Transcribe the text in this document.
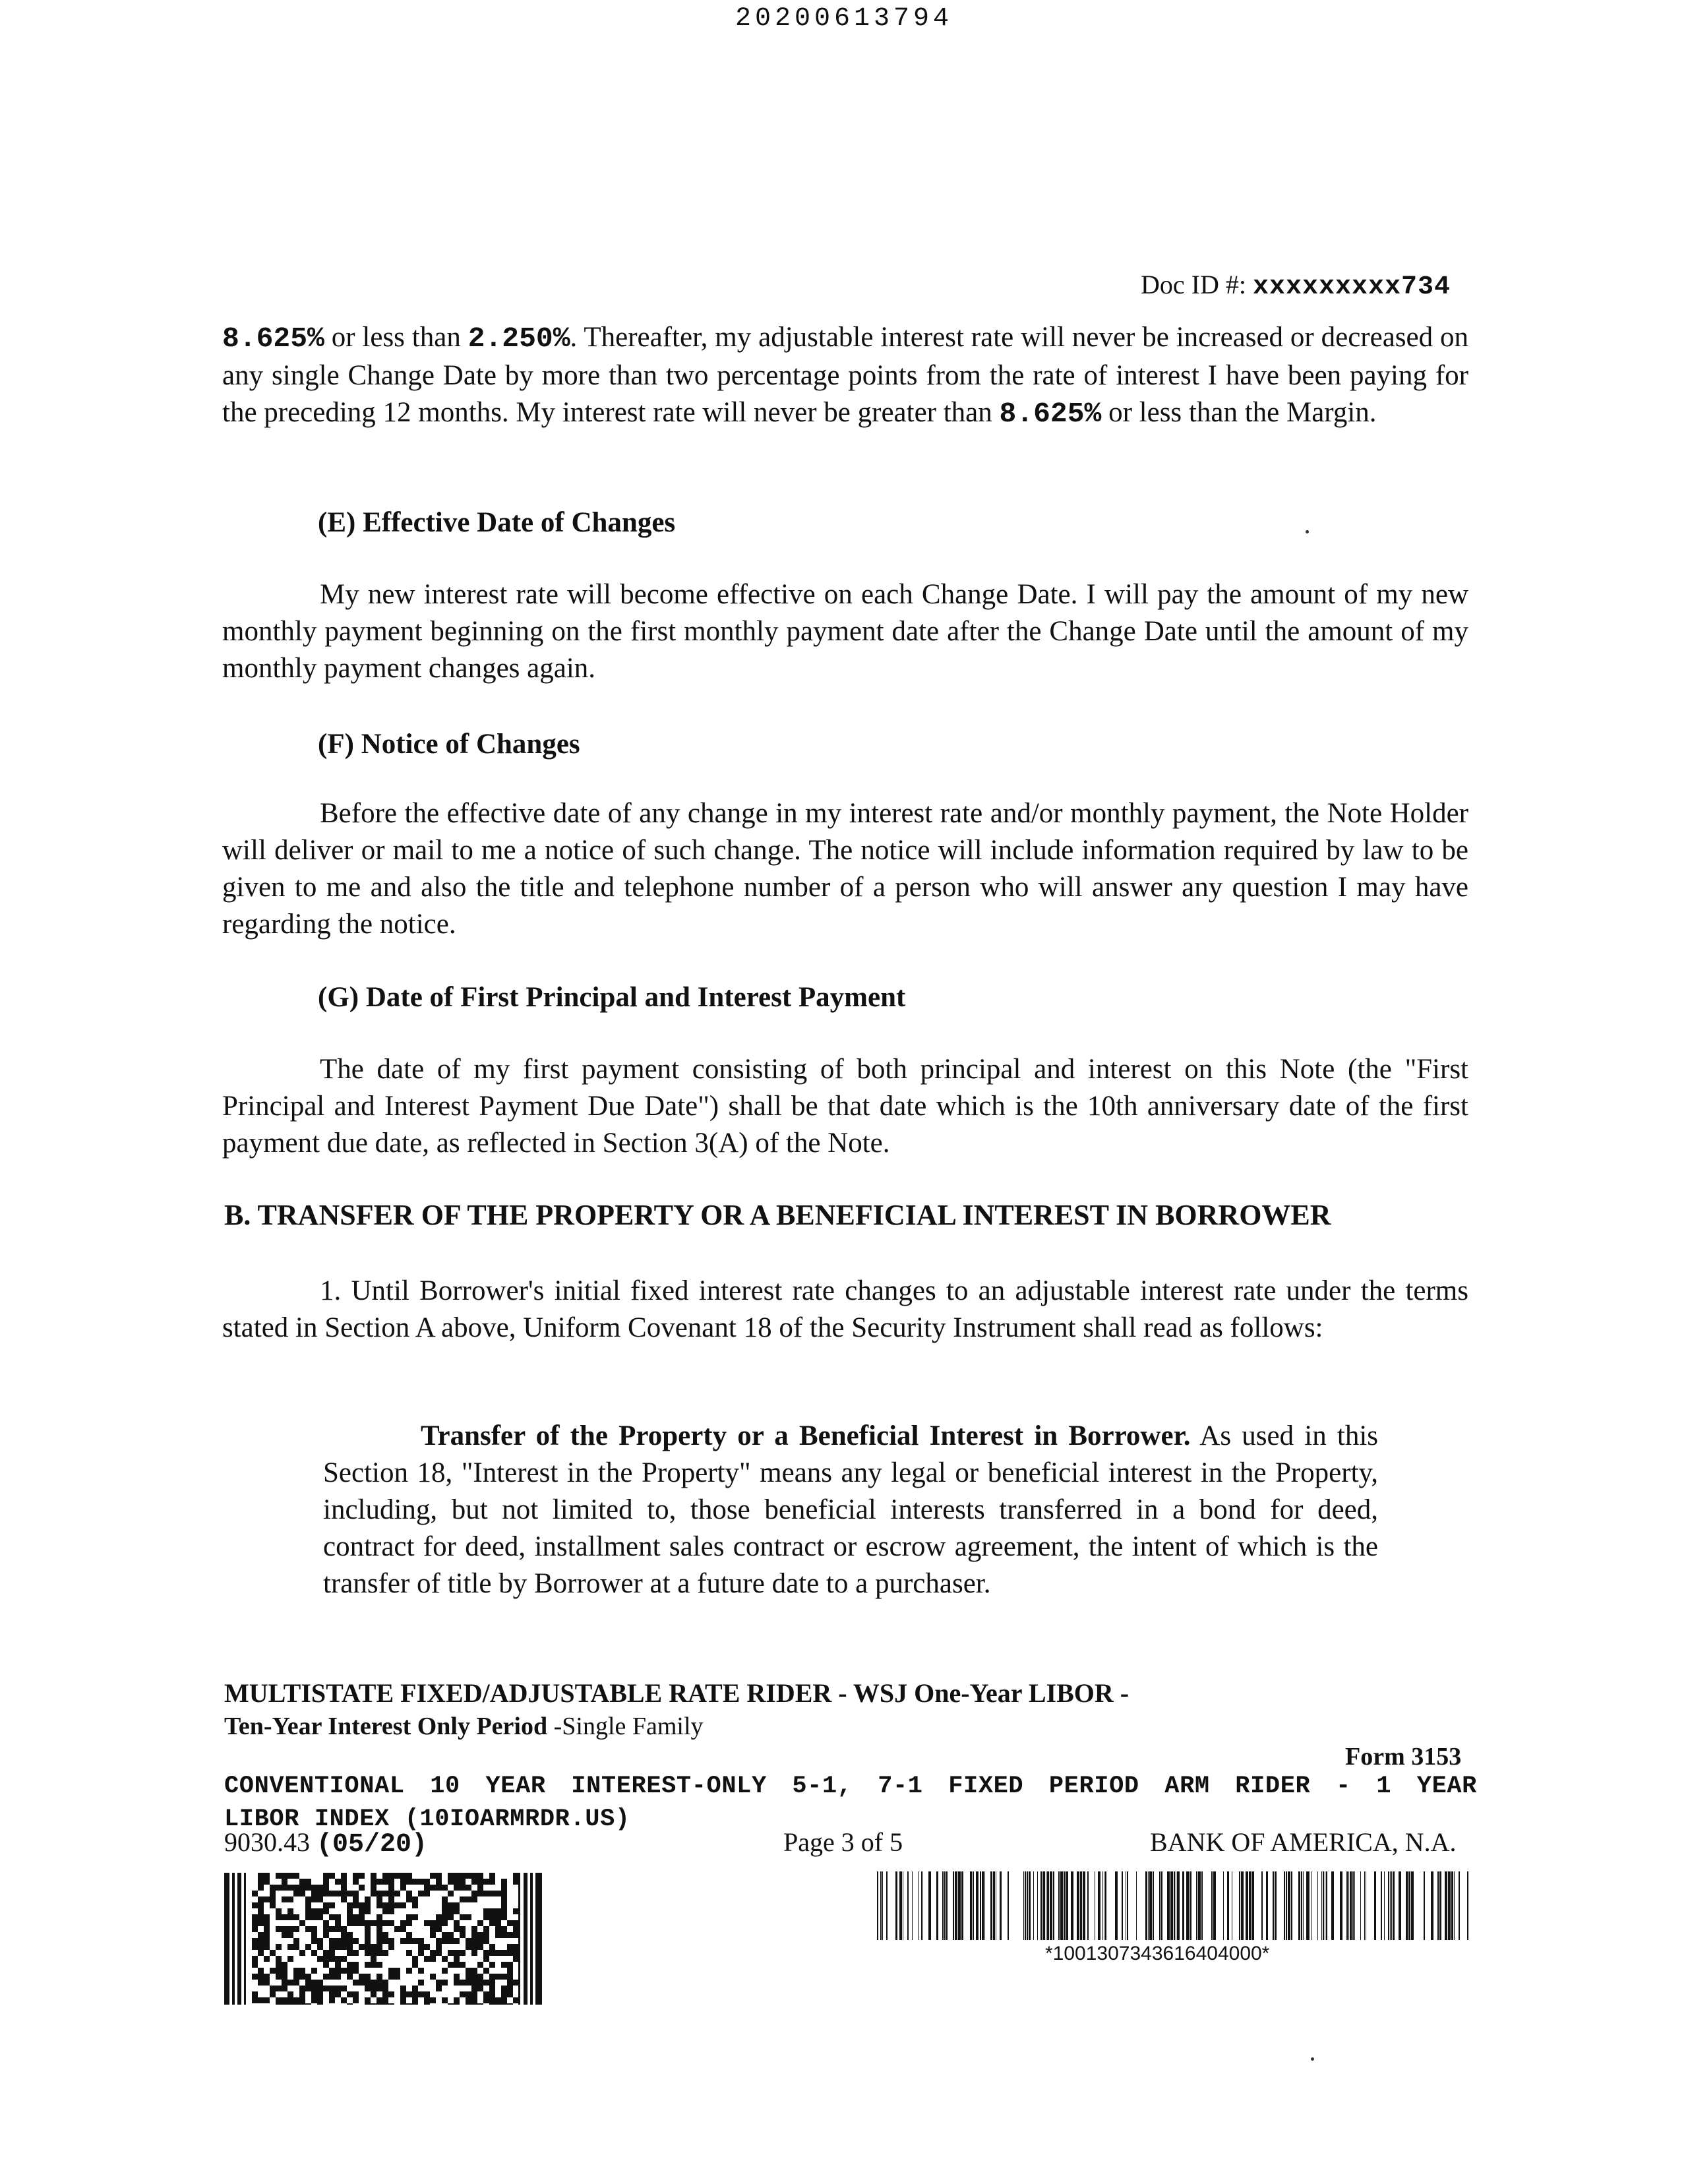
20200613794
Doc ID #: xxxxxxxxx734
8.625% or less than 2.250%. Thereafter, my adjustable interest rate will never be increased or decreased on any single Change Date by more than two percentage points from the rate of interest I have been paying for the preceding 12 months. My interest rate will never be greater than 8.625% or less than the Margin.
(E) Effective Date of Changes
My new interest rate will become effective on each Change Date. I will pay the amount of my new monthly payment beginning on the first monthly payment date after the Change Date until the amount of my monthly payment changes again.
(F) Notice of Changes
Before the effective date of any change in my interest rate and/or monthly payment, the Note Holder will deliver or mail to me a notice of such change. The notice will include information required by law to be given to me and also the title and telephone number of a person who will answer any question I may have regarding the notice.
(G) Date of First Principal and Interest Payment
The date of my first payment consisting of both principal and interest on this Note (the "First Principal and Interest Payment Due Date") shall be that date which is the 10th anniversary date of the first payment due date, as reflected in Section 3(A) of the Note.
B. TRANSFER OF THE PROPERTY OR A BENEFICIAL INTEREST IN BORROWER
1. Until Borrower's initial fixed interest rate changes to an adjustable interest rate under the terms stated in Section A above, Uniform Covenant 18 of the Security Instrument shall read as follows:
Transfer of the Property or a Beneficial Interest in Borrower. As used in this Section 18, "Interest in the Property" means any legal or beneficial interest in the Property, including, but not limited to, those beneficial interests transferred in a bond for deed, contract for deed, installment sales contract or escrow agreement, the intent of which is the transfer of title by Borrower at a future date to a purchaser.
MULTISTATE FIXED/ADJUSTABLE RATE RIDER - WSJ One-Year LIBOR -
Ten-Year Interest Only Period -Single Family
Form 3153
CONVENTIONAL 10 YEAR INTEREST-ONLY 5-1, 7-1 FIXED PERIOD ARM RIDER - 1 YEAR
LIBOR INDEX (10IOARMRDR.US)
9030.43 (05/20)	Page 3 of 5	BANK OF AMERICA, N.A.
*1001307343616404000*
